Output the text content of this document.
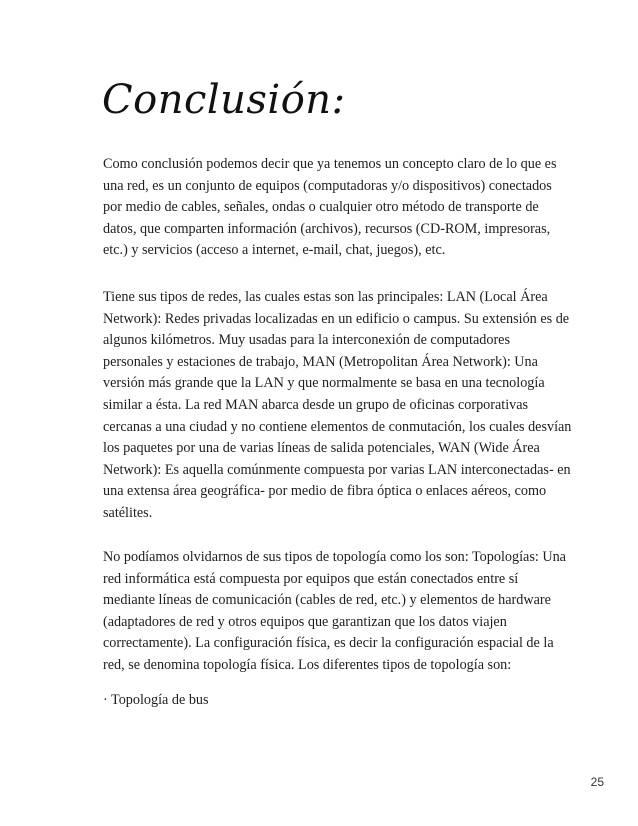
Conclusión:

Como conclusión podemos decir que ya tenemos un concepto claro de lo que es una red, es un conjunto de equipos (computadoras y/o dispositivos) conectados por medio de cables, señales, ondas o cualquier otro método de transporte de datos, que comparten información (archivos), recursos (CD-ROM, impresoras, etc.) y servicios (acceso a internet, e-mail, chat, juegos), etc.

Tiene sus tipos de redes, las cuales estas son las principales: LAN (Local Área Network): Redes privadas localizadas en un edificio o campus. Su extensión es de algunos kilómetros. Muy usadas para la interconexión de computadores personales y estaciones de trabajo, MAN (Metropolitan Área Network): Una versión más grande que la LAN y que normalmente se basa en una tecnología similar a ésta. La red MAN abarca desde un grupo de oficinas corporativas cercanas a una ciudad y no contiene elementos de conmutación, los cuales desvían los paquetes por una de varias líneas de salida potenciales, WAN (Wide Área Network): Es aquella comúnmente compuesta por varias LAN interconectadas- en una extensa área geográfica- por medio de fibra óptica o enlaces aéreos, como satélites.

No podíamos olvidarnos de sus tipos de topología como los son: Topologías: Una red informática está compuesta por equipos que están conectados entre sí mediante líneas de comunicación (cables de red, etc.) y elementos de hardware (adaptadores de red y otros equipos que garantizan que los datos viajen correctamente). La configuración física, es decir la configuración espacial de la red, se denomina topología física. Los diferentes tipos de topología son:

· Topología de bus

25
